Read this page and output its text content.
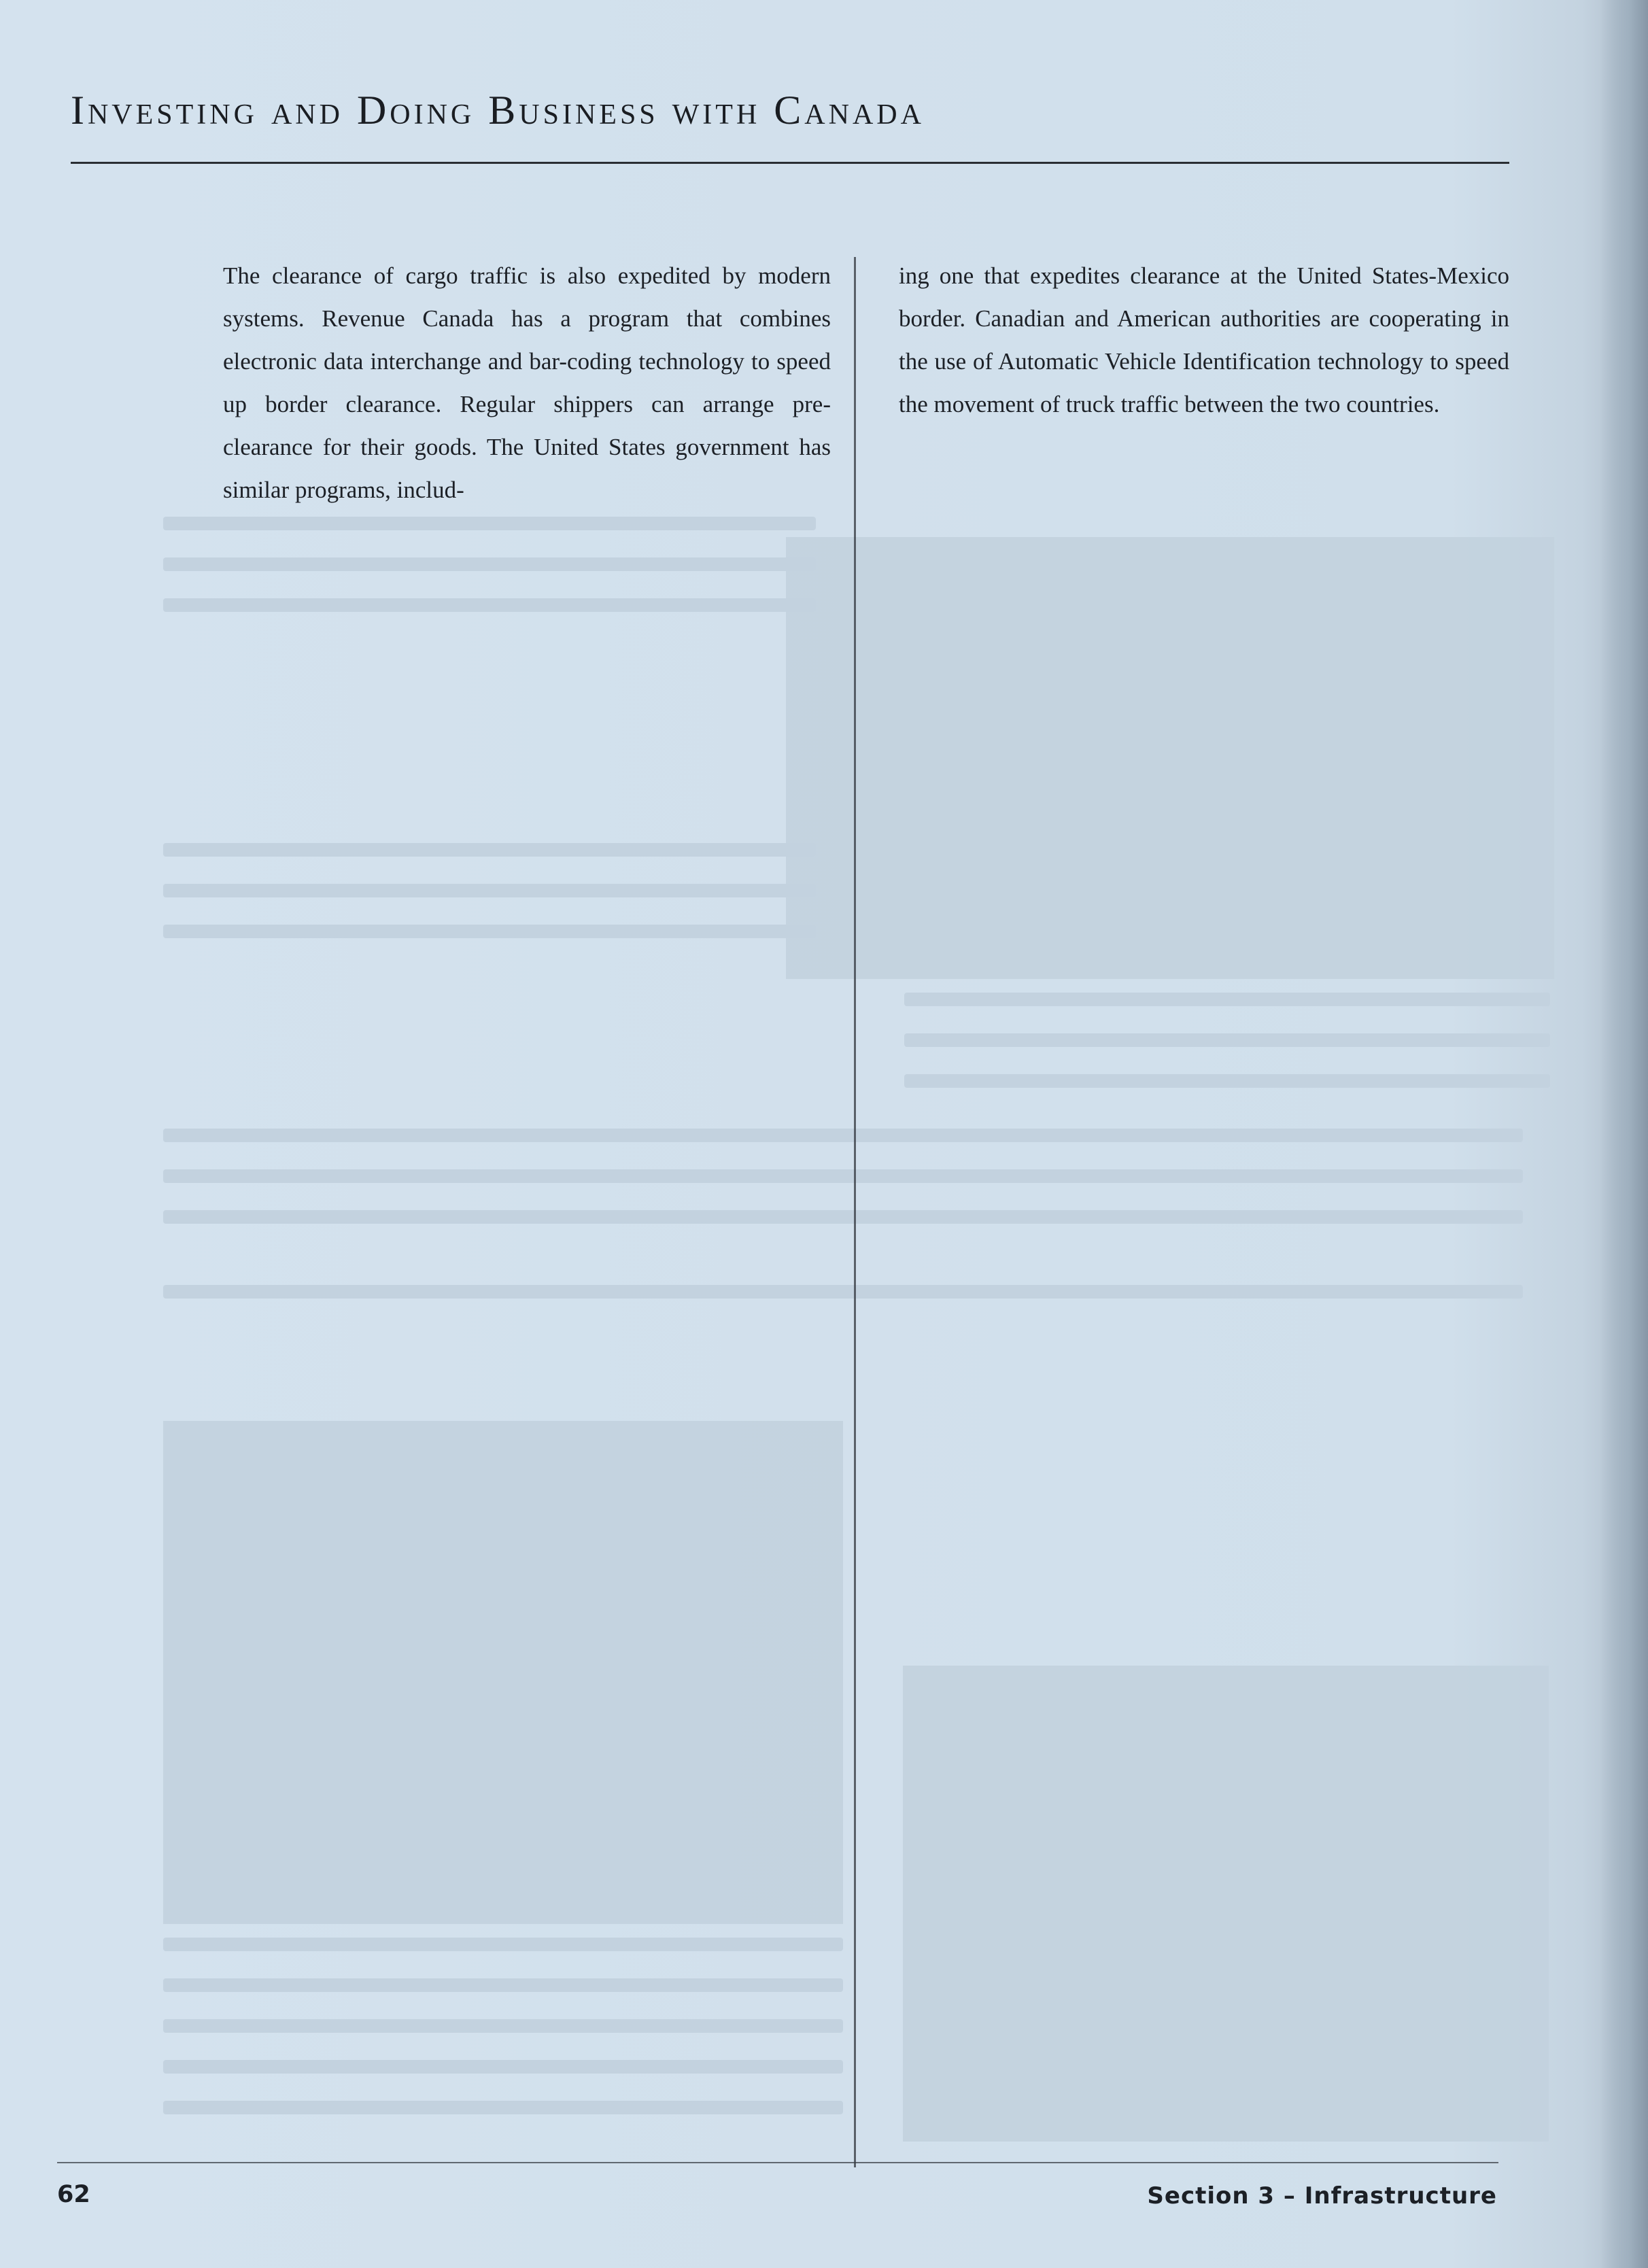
Investing and Doing Business with Canada

The clearance of cargo traffic is also expedited by modern systems. Revenue Canada has a program that combines electronic data interchange and bar-coding technology to speed up border clearance. Regular shippers can arrange pre-clearance for their goods. The United States government has similar programs, includ-

ing one that expedites clearance at the United States-Mexico border. Canadian and American authorities are cooperating in the use of Automatic Vehicle Identification technology to speed the movement of truck traffic between the two countries.

62	Section 3 – Infrastructure
